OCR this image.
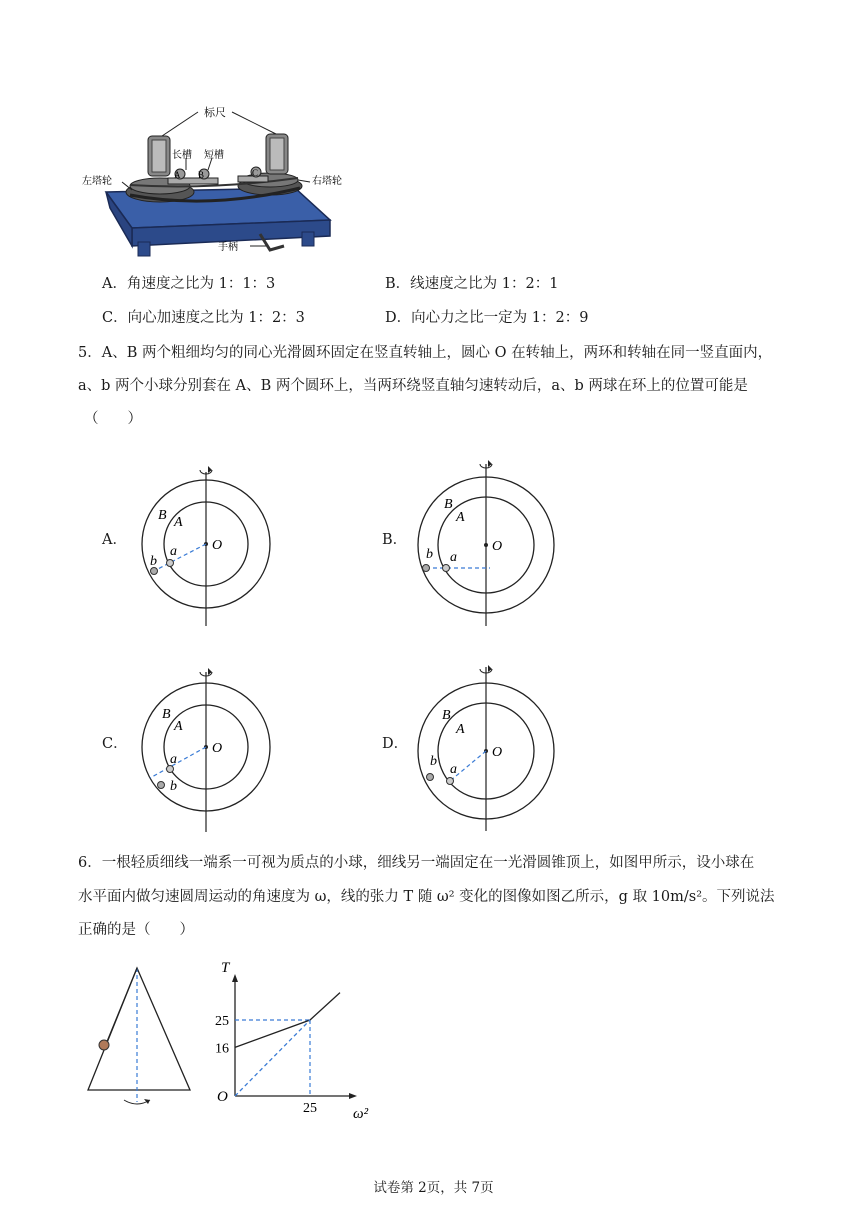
标尺
长槽 短槽
A B	C
左塔轮	右塔轮
手柄
A．角速度之比为 1：1：3	B．线速度之比为 1：2：1
C．向心加速度之比为 1：2：3	D．向心力之比一定为 1：2：9
5．A、B 两个粗细均匀的同心光滑圆环固定在竖直转轴上，圆心 O 在转轴上，两环和转轴在同一竖直面内，
a、b 两个小球分别套在 A、B 两个圆环上，当两环绕竖直轴匀速转动后，a、b 两球在环上的位置可能是
（　　）
A．
B A
O
a
b
B．
B
A
O
a
b
C．
B
A
O
a
b
D．
B
A
O
a
b
6．一根轻质细线一端系一可视为质点的小球，细线另一端固定在一光滑圆锥顶上，如图甲所示，设小球在
水平面内做匀速圆周运动的角速度为 ω，线的张力 T 随 ω² 变化的图像如图乙所示，g 取 10m/s²。下列说法
正确的是（　　）
16
25
25
T
ω²
O
试卷第 2页，共 7页
